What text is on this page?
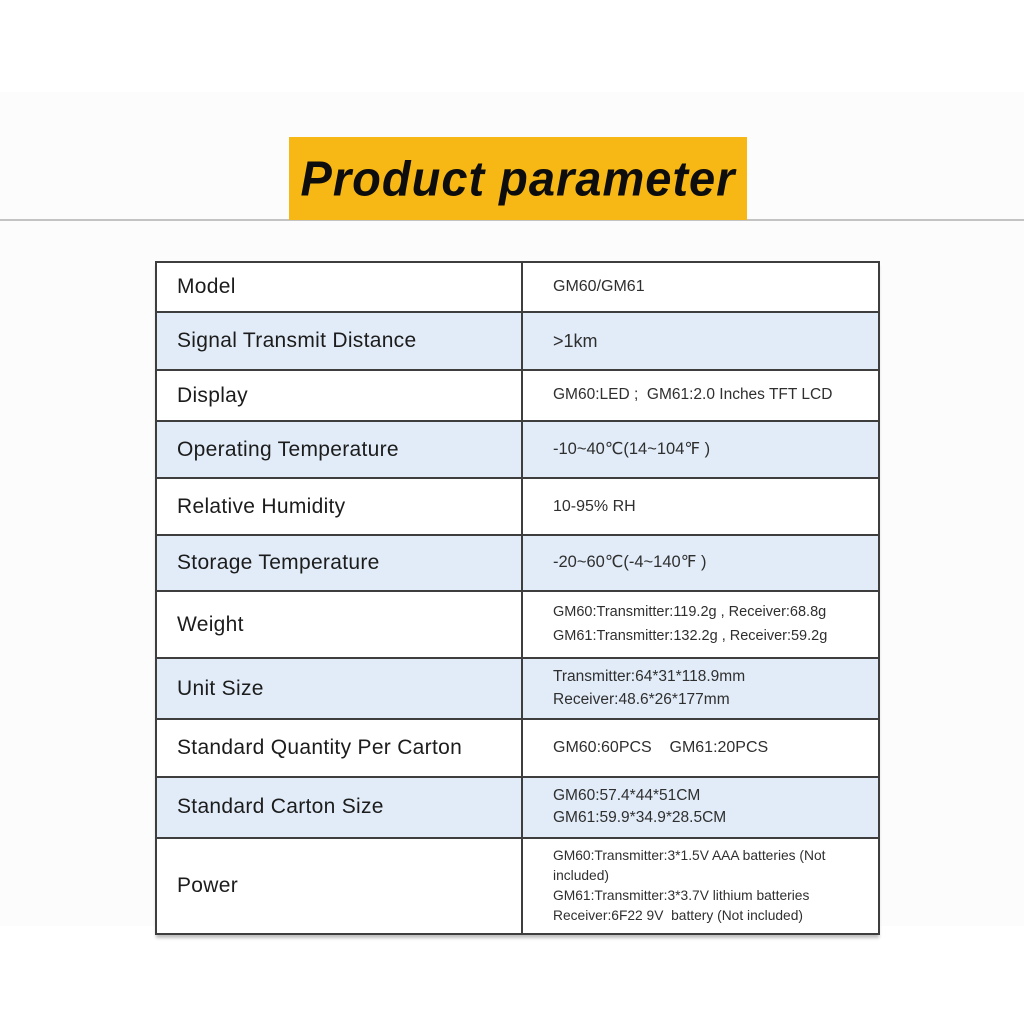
Product parameter
Model	GM60/GM61

Signal Transmit Distance	>1km

Display	GM60:LED ;  GM61:2.0 Inches TFT LCD

Operating Temperature	-10~40℃(14~104℉ )

Relative Humidity	10-95% RH

Storage Temperature	-20~60℃(-4~140℉ )

Weight	GM60:Transmitter:119.2g , Receiver:68.8g
GM61:Transmitter:132.2g , Receiver:59.2g

Unit Size	Transmitter:64*31*118.9mm
Receiver:48.6*26*177mm

Standard Quantity Per Carton	GM60:60PCS    GM61:20PCS

Standard Carton Size	GM60:57.4*44*51CM
GM61:59.9*34.9*28.5CM

Power	GM60:Transmitter:3*1.5V AAA batteries (Not included)
GM61:Transmitter:3*3.7V lithium batteries
Receiver:6F22 9V  battery (Not included)
